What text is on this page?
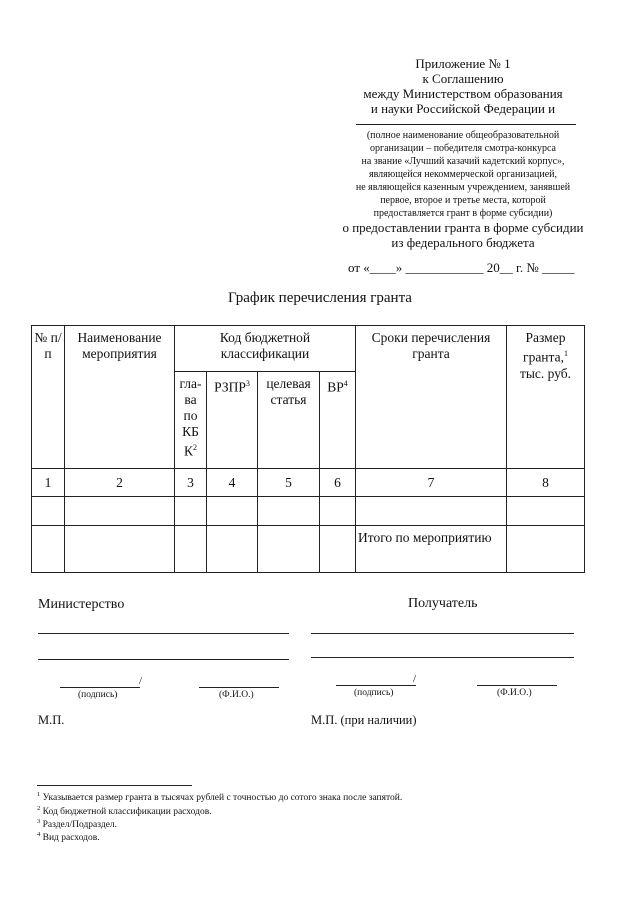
Приложение № 1
к Соглашению
между Министерством образования
и науки Российской Федерации и
(полное наименование общеобразовательной
организации – победителя смотра-конкурса
на звание «Лучший казачий кадетский корпус»,
являющейся некоммерческой организацией,
не являющейся казенным учреждением, занявшей
первое, второе и третье места, которой
предоставляется грант в форме субсидии)
о предоставлении гранта в форме субсидии
из федерального бюджета
от «____» ____________ 20__ г. № _____
График перечисления гранта
№ п/п	Наименование мероприятия	Код бюджетной классификации				Сроки перечисления гранта	Размер гранта,$^1$
тыс. руб.
		гла- ва по КБ $К^2$	РЗПР$^3$	целевая статья	$ВР^4$
1	2	3	4	5	6	7	8

						Итого по мероприятию	
Министерство	Получатель
/
(подпись)	(Ф.И.О.)
/
(подпись)	(Ф.И.О.)
М.П.	М.П. (при наличии)
$^1$ Указывается размер гранта в тысячах рублей с точностью до сотого знака после запятой.
$^2$ Код бюджетной классификации расходов.
$^3$ Раздел/Подраздел.
$^4$ Вид расходов.
